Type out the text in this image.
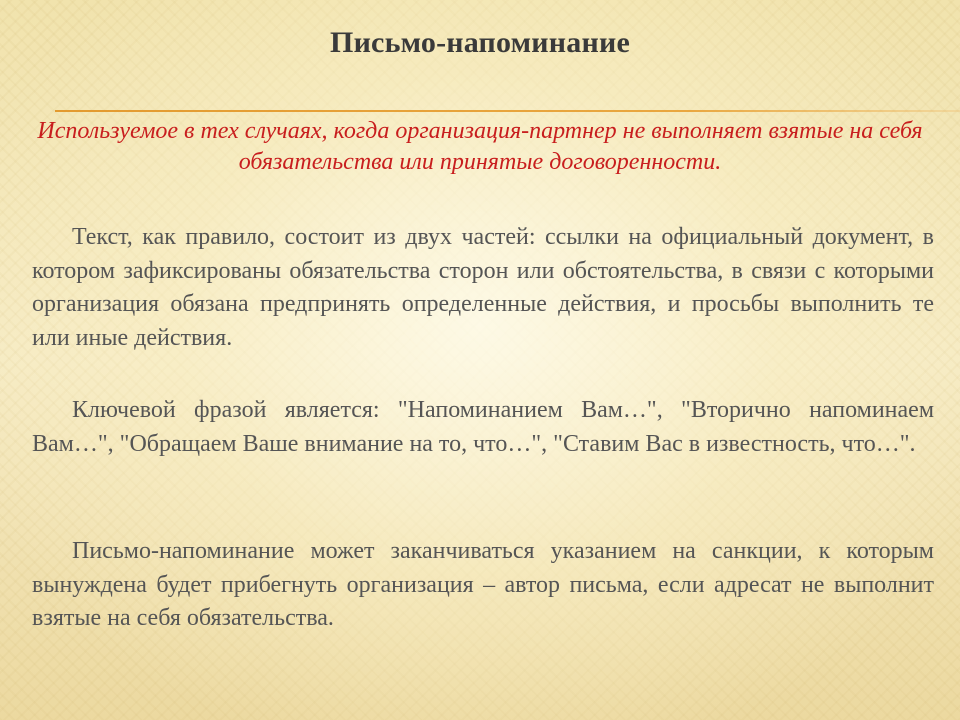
Письмо-напоминание
Используемое в тех случаях, когда организация-партнер не выполняет взятые на себя обязательства или принятые договоренности.

Текст, как правило, состоит из двух частей: ссылки на официальный документ, в котором зафиксированы обязательства сторон или обстоятельства, в связи с которыми организация обязана предпринять определенные действия, и просьбы выполнить те или иные действия.

Ключевой фразой является: "Напоминанием Вам…", "Вторично напоминаем Вам…", "Обращаем Ваше внимание на то, что…", "Ставим Вас в известность, что…".

Письмо-напоминание может заканчиваться указанием на санкции, к которым вынуждена будет прибегнуть организация – автор письма, если адресат не выполнит взятые на себя обязательства.
